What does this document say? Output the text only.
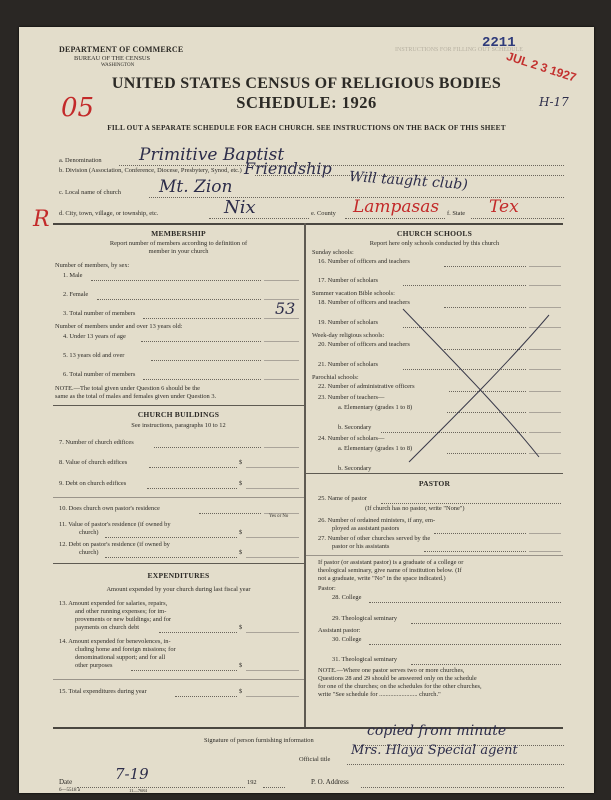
DEPARTMENT OF COMMERCE
BUREAU OF THE CENSUS
WASHINGTON
INSTRUCTIONS FOR FILLING OUT SCHEDULE
2211
JUL 2 3 1927
H-17
UNITED STATES CENSUS OF RELIGIOUS BODIES
SCHEDULE: 1926
05
FILL OUT A SEPARATE SCHEDULE FOR EACH CHURCH. SEE INSTRUCTIONS ON THE BACK OF THIS SHEET
a. Denomination Primitive Baptist
b. Division (Association, Conference, Diocese, Presbytery, Synod, etc.) Friendship
c. Local name of church Mt. Zion	Will taught club)
R d. City, town, village, or township, etc.	Nix	e. County Lampasas f. State Tex
MEMBERSHIP
Report number of members according to definition of
member in your church
Number of members, by sex:
1. Male
2. Female
3. Total number of members	53
Number of members under and over 13 years old:
4. Under 13 years of age
5. 13 years old and over
6. Total number of members
NOTE.—The total given under Question 6 should be the
same as the total of males and females given under Question 3.
CHURCH BUILDINGS
See instructions, paragraphs 10 to 12
7. Number of church edifices
8. Value of church edifices	$
9. Debt on church edifices	$
10. Does church own pastor's residence
Yes or No
11. Value of pastor's residence (if owned by
church)	$
12. Debt on pastor's residence (if owned by
church)	$
EXPENDITURES
Amount expended by your church during last fiscal year
13. Amount expended for salaries, repairs,
and other running expenses; for im-
provements or new buildings; and for
payments on church debt	$
14. Amount expended for benevolences, in-
cluding home and foreign missions; for
denominational support; and for all
other purposes	$
15. Total expenditures during year	$
CHURCH SCHOOLS
Report here only schools conducted by this church
Sunday schools:
16. Number of officers and teachers
17. Number of scholars
Summer vacation Bible schools:
18. Number of officers and teachers
19. Number of scholars
Week-day religious schools:
20. Number of officers and teachers
21. Number of scholars
Parochial schools:
22. Number of administrative officers
23. Number of teachers—
a. Elementary (grades 1 to 8)
b. Secondary
24. Number of scholars—
a. Elementary (grades 1 to 8)
b. Secondary
PASTOR
25. Name of pastor
(If church has no pastor, write "None")
26. Number of ordained ministers, if any, em-
ployed as assistant pastors
27. Number of other churches served by the
pastor or his assistants
If pastor (or assistant pastor) is a graduate of a college or
theological seminary, give name of institution below. (If
not a graduate, write "No" in the space indicated.)
Pastor:
28. College
29. Theological seminary
Assistant pastor:
30. College
31. Theological seminary
NOTE.—Where one pastor serves two or more churches,
Questions 28 and 29 should be answered only on the schedule
for one of the churches; on the schedules for the other churches,
write "See schedule for ........................ church."
Signature of person furnishing information
copied from minute
Official title
Mrs. Hlaya Special agent
Date	7-19	192	P. O. Address
6—5518 a	11—7684
